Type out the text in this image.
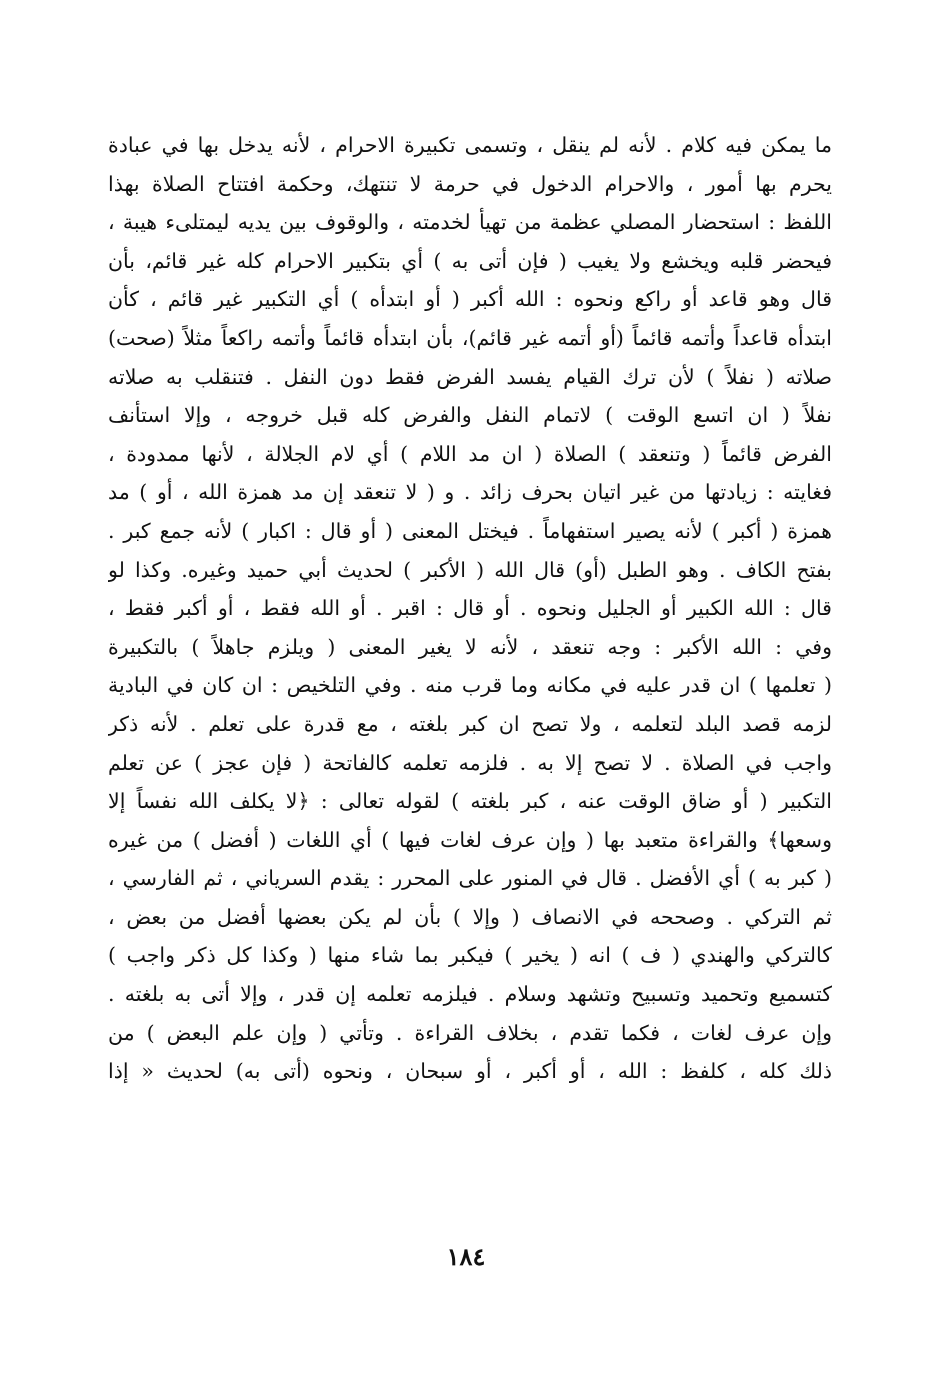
ما يمكن فيه كلام . لأنه لم ينقل ، وتسمى تكبيرة الاحرام ، لأنه يدخل بها في عبادة
يحرم بها أمور ، والاحرام الدخول في حرمة لا تنتهك، وحكمة افتتاح الصلاة بهذا
اللفظ : استحضار المصلي عظمة من تهيأ لخدمته ، والوقوف بين يديه ليمتلىء هيبة ،
فيحضر قلبه ويخشع ولا يغيب ( فإن أتى به ) أي بتكبير الاحرام كله غير قائم، بأن
قال وهو قاعد أو راكع ونحوه : الله أكبر ( أو ابتدأه ) أي التكبير غير قائم ، كأن
ابتدأه قاعداً وأتمه قائماً (أو أتمه غير قائم)، بأن ابتدأه قائماً وأتمه راكعاً مثلاً (صحت)
صلاته ( نفلاً ) لأن ترك القيام يفسد الفرض فقط دون النفل . فتنقلب به صلاته
نفلاً ( ان اتسع الوقت ) لاتمام النفل والفرض كله قبل خروجه ، وإلا استأنف
الفرض قائماً ( وتنعقد ) الصلاة ( ان مد اللام ) أي لام الجلالة ، لأنها ممدودة ،
فغايته : زيادتها من غير اتيان بحرف زائد . و ( لا تنعقد إن مد همزة الله ، أو ) مد
همزة ( أكبر ) لأنه يصير استفهاماً . فيختل المعنى ( أو قال : اكبار ) لأنه جمع كبر .
بفتح الكاف . وهو الطبل (أو) قال الله ( الأكبر ) لحديث أبي حميد وغيره. وكذا لو
قال : الله الكبير أو الجليل ونحوه . أو قال : اقبر . أو الله فقط ، أو أكبر فقط ،
وفي : الله الأكبر : وجه تنعقد ، لأنه لا يغير المعنى ( ويلزم جاهلاً ) بالتكبيرة
( تعلمها ) ان قدر عليه في مكانه وما قرب منه . وفي التلخيص : ان كان في البادية
لزمه قصد البلد لتعلمه ، ولا تصح ان كبر بلغته ، مع قدرة على تعلم . لأنه ذكر
واجب في الصلاة . لا تصح إلا به . فلزمه تعلمه كالفاتحة ( فإن عجز ) عن تعلم
التكبير ( أو ضاق الوقت عنه ، كبر بلغته ) لقوله تعالى : ﴿لا يكلف الله نفساً إلا
وسعها﴾ والقراءة متعبد بها ( وإن عرف لغات فيها ) أي اللغات ( أفضل ) من غيره
( كبر به ) أي الأفضل . قال في المنور على المحرر : يقدم السرياني ، ثم الفارسي ،
ثم التركي . وصححه في الانصاف ( وإلا ) بأن لم يكن بعضها أفضل من بعض ،
كالتركي والهندي ( ف ) انه ( يخير ) فيكبر بما شاء منها ( وكذا كل ذكر واجب )
كتسميع وتحميد وتسبيح وتشهد وسلام . فيلزمه تعلمه إن قدر ، وإلا أتى به بلغته .
وإن عرف لغات ، فكما تقدم ، بخلاف القراءة . وتأتي ( وإن علم البعض ) من
ذلك كله ، كلفظ : الله ، أو أكبر ، أو سبحان ، ونحوه (أتى به) لحديث « إذا
١٨٤
